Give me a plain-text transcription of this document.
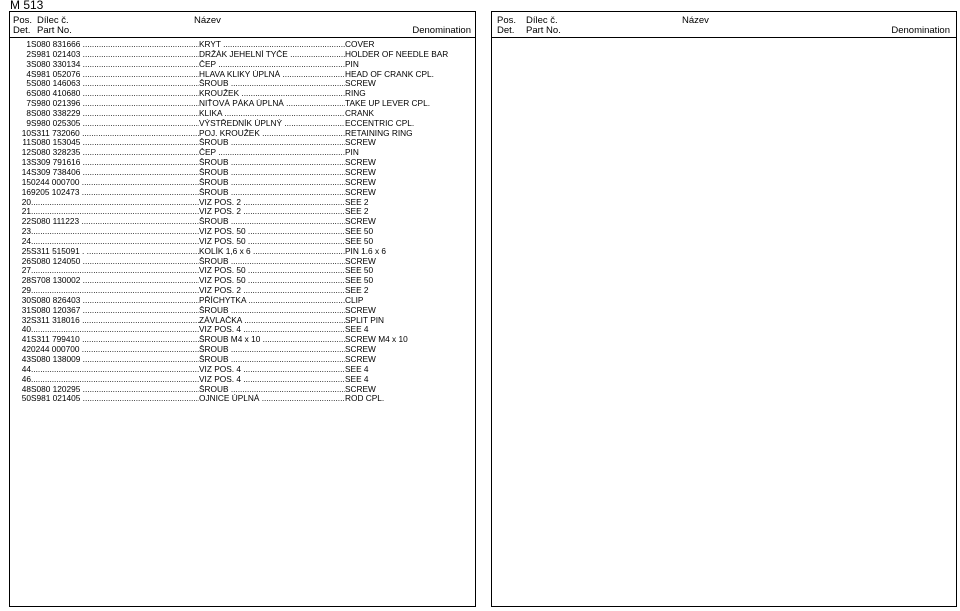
M 513
Pos. Dílec č.	Název
Det. Part No.	Denomination
1 S080 831666 .....	KRYT .....	COVER
2 S981 021403 .....	DRŽÁK JEHELNÍ TYČE .....	HOLDER OF NEEDLE BAR
3 S080 330134 .....	ČEP .....	PIN
4 S981 052076 .....	HLAVA KLIKY ÚPLNÁ .....	HEAD OF CRANK CPL.
5 S080 146063 .....	ŠROUB .....	SCREW
6 S080 410680 .....	KROUŽEK .....	RING
7 S980 021396 .....	NIŤOVÁ PÁKA ÚPLNÁ .....	TAKE UP LEVER CPL.
8 S080 338229 .....	KLIKA .....	CRANK
9 S980 025305 .....	VÝSTŘEDNÍK ÚPLNÝ .....	ECCENTRIC CPL.
10 S311 732060 .....	POJ. KROUŽEK .....	RETAINING RING
11 S080 153045 .....	ŠROUB .....	SCREW
12 S080 328235 .....	ČEP .....	PIN
13 S309 791616 .....	ŠROUB .....	SCREW
14 S309 738406 .....	ŠROUB .....	SCREW
15 0244 000700 .....	ŠROUB .....	SCREW
16 9205 102473 .....	ŠROUB .....	SCREW
20 .....	VIZ POS. 2 .....	SEE 2
21 .....	VIZ POS. 2 .....	SEE 2
22 S080 111223 .....	ŠROUB .....	SCREW
23 .....	VIZ POS. 50 .....	SEE 50
24 .....	VIZ POS. 50 .....	SEE 50
25 S311 515091 . .....	KOLÍK 1,6 x 6 .....	PIN 1.6 x 6
26 S080 124050 .....	ŠROUB .....	SCREW
27 .....	VIZ POS. 50 .....	SEE 50
28 S708 130002 .....	VIZ POS. 50 .....	SEE 50
29 .....	VIZ POS. 2 .....	SEE 2
30 S080 826403 .....	PŘÍCHYTKA .....	CLIP
31 S080 120367 .....	ŠROUB .....	SCREW
32 S311 318016 .....	ZÁVLAČKA .....	SPLIT PIN
40 .....	VIZ POS. 4 .....	SEE 4
41 S311 799410 .....	ŠROUB M4 x 10 .....	SCREW M4 x 10
42 0244 000700 .....	ŠROUB .....	SCREW
43 S080 138009 .....	ŠROUB .....	SCREW
44 .....	VIZ POS. 4 .....	SEE 4
46 .....	VIZ POS. 4 .....	SEE 4
48 S080 120295 .....	ŠROUB .....	SCREW
50 S981 021405 .....	OJNICE ÚPLNÁ .....	ROD CPL.
Pos. Dílec č.	Název
Det. Part No.	Denomination
